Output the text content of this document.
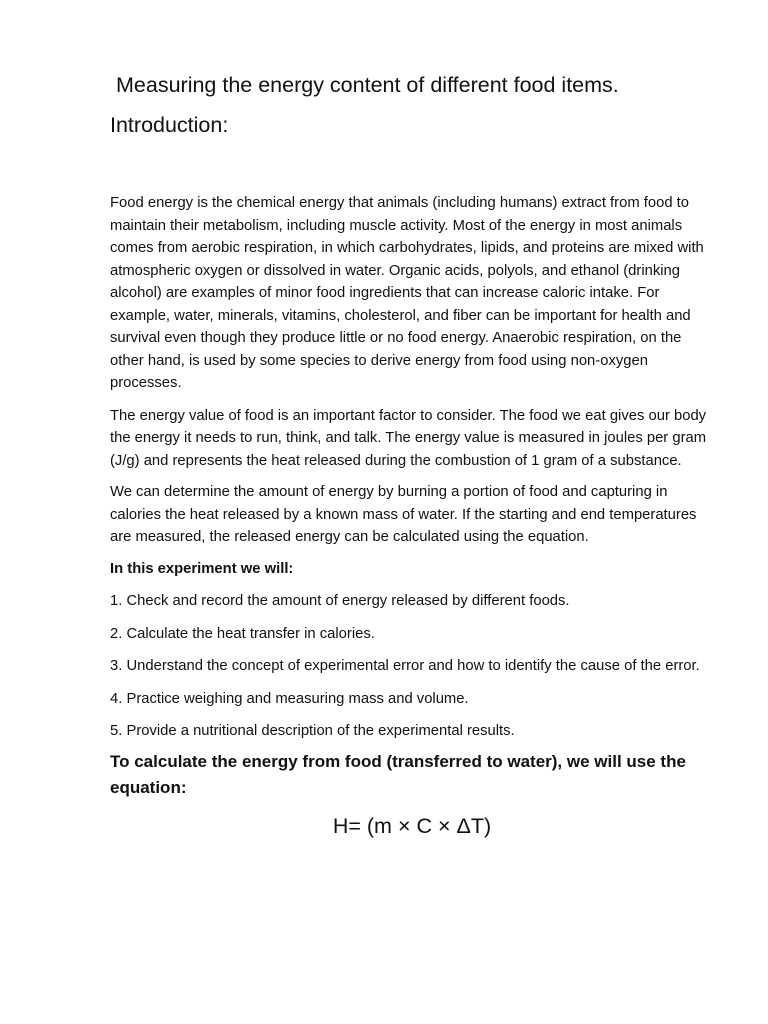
Measuring the energy content of different food items.
Introduction:

Food energy is the chemical energy that animals (including humans) extract from food to maintain their metabolism, including muscle activity. Most of the energy in most animals comes from aerobic respiration, in which carbohydrates, lipids, and proteins are mixed with atmospheric oxygen or dissolved in water. Organic acids, polyols, and ethanol (drinking alcohol) are examples of minor food ingredients that can increase caloric intake. For example, water, minerals, vitamins, cholesterol, and fiber can be important for health and survival even though they produce little or no food energy. Anaerobic respiration, on the other hand, is used by some species to derive energy from food using non-oxygen processes.

The energy value of food is an important factor to consider. The food we eat gives our body the energy it needs to run, think, and talk. The energy value is measured in joules per gram (J/g) and represents the heat released during the combustion of 1 gram of a substance.

We can determine the amount of energy by burning a portion of food and capturing in calories the heat released by a known mass of water. If the starting and end temperatures are measured, the released energy can be calculated using the equation.

In this experiment we will:

1. Check and record the amount of energy released by different foods.
2. Calculate the heat transfer in calories.
3. Understand the concept of experimental error and how to identify the cause of the error.
4. Practice weighing and measuring mass and volume.
5. Provide a nutritional description of the experimental results.

To calculate the energy from food (transferred to water), we will use the equation:

H= (m × C × ΔT)
